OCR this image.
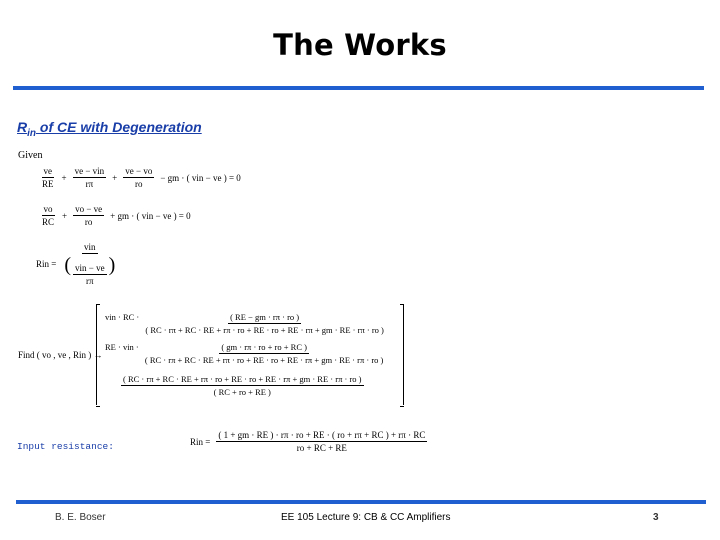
The Works
$R_{in}$ of CE with Degeneration
Given
$\frac{ve}{RE} + \frac{\text{ve − vin}}{r\pi} + \frac{ve - vo}{ro}$ − gm · ( vin − ve ) = 0
$\frac{vo}{RC} + \frac{vo - ve}{ro}$ + gm · ( vin − ve ) = 0
Rin = $\frac{\text{vin}}{( \frac{\text{vin − ve}}{r\pi} )}$
Find ( vo , ve , Rin ) →
vin · RC ·	( RE − gm · rπ · ro )
( RC · rπ + RC · RE + rπ · ro + RE · ro + RE · rπ + gm · RE · rπ · ro )
RE · vin ·	( gm · rπ · ro + ro + RC )
( RC · rπ + RC · RE + rπ · ro + RE · ro + RE · rπ + gm · RE · rπ · ro )
( RC · rπ + RC · RE + rπ · ro + RE · ro + RE · rπ + gm · RE · rπ · ro )
( RC + ro + RE )
Input resistance:	Rin = $\frac{( 1 + gm \cdot RE ) \cdot r\pi \cdot ro + RE \cdot ( ro + r\pi + RC ) + r\pi \cdot RC}{ro + RC + RE}$
B. E. Boser	EE 105 Lecture 9: CB & CC Amplifiers	3
